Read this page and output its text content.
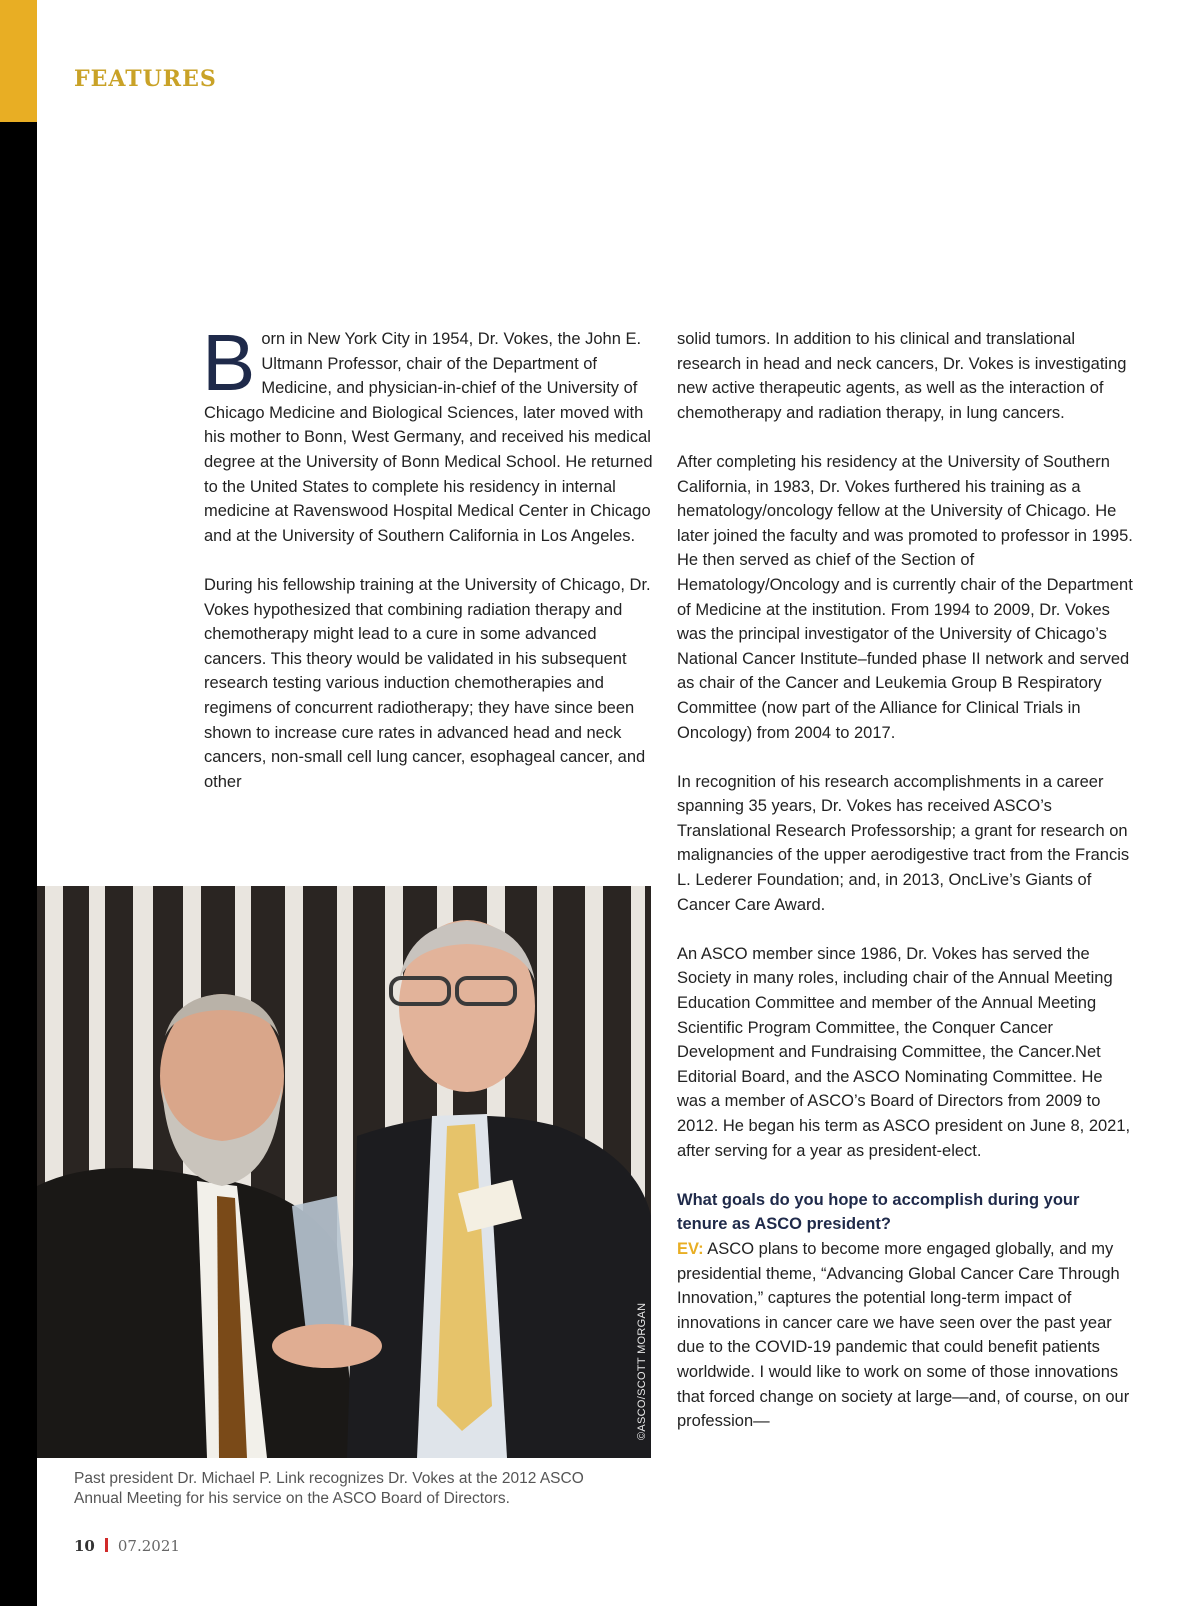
FEATURES

Born in New York City in 1954, Dr. Vokes, the John E. Ultmann Professor, chair of the Department of Medicine, and physician-in-chief of the University of Chicago Medicine and Biological Sciences, later moved with his mother to Bonn, West Germany, and received his medical degree at the University of Bonn Medical School. He returned to the United States to complete his residency in internal medicine at Ravenswood Hospital Medical Center in Chicago and at the University of Southern California in Los Angeles.

During his fellowship training at the University of Chicago, Dr. Vokes hypothesized that combining radiation therapy and chemotherapy might lead to a cure in some advanced cancers. This theory would be validated in his subsequent research testing various induction chemotherapies and regimens of concurrent radiotherapy; they have since been shown to increase cure rates in advanced head and neck cancers, non-small cell lung cancer, esophageal cancer, and other

solid tumors. In addition to his clinical and translational research in head and neck cancers, Dr. Vokes is investigating new active therapeutic agents, as well as the interaction of chemotherapy and radiation therapy, in lung cancers.

After completing his residency at the University of Southern California, in 1983, Dr. Vokes furthered his training as a hematology/oncology fellow at the University of Chicago. He later joined the faculty and was promoted to professor in 1995. He then served as chief of the Section of Hematology/Oncology and is currently chair of the Department of Medicine at the institution. From 1994 to 2009, Dr. Vokes was the principal investigator of the University of Chicago’s National Cancer Institute–funded phase II network and served as chair of the Cancer and Leukemia Group B Respiratory Committee (now part of the Alliance for Clinical Trials in Oncology) from 2004 to 2017.

In recognition of his research accomplishments in a career spanning 35 years, Dr. Vokes has received ASCO’s Translational Research Professorship; a grant for research on malignancies of the upper aerodigestive tract from the Francis L. Lederer Foundation; and, in 2013, OncLive’s Giants of Cancer Care Award.

An ASCO member since 1986, Dr. Vokes has served the Society in many roles, including chair of the Annual Meeting Education Committee and member of the Annual Meeting Scientific Program Committee, the Conquer Cancer Development and Fundraising Committee, the Cancer.Net Editorial Board, and the ASCO Nominating Committee. He was a member of ASCO’s Board of Directors from 2009 to 2012. He began his term as ASCO president on June 8, 2021, after serving for a year as president-elect.

What goals do you hope to accomplish during your tenure as ASCO president?

EV: ASCO plans to become more engaged globally, and my presidential theme, “Advancing Global Cancer Care Through Innovation,” captures the potential long-term impact of innovations in cancer care we have seen over the past year due to the COVID-19 pandemic that could benefit patients worldwide. I would like to work on some of those innovations that forced change on society at large—and, of course, on our profession—

©ASCO/SCOTT MORGAN

Past president Dr. Michael P. Link recognizes Dr. Vokes at the 2012 ASCO Annual Meeting for his service on the ASCO Board of Directors.

10 07.2021
